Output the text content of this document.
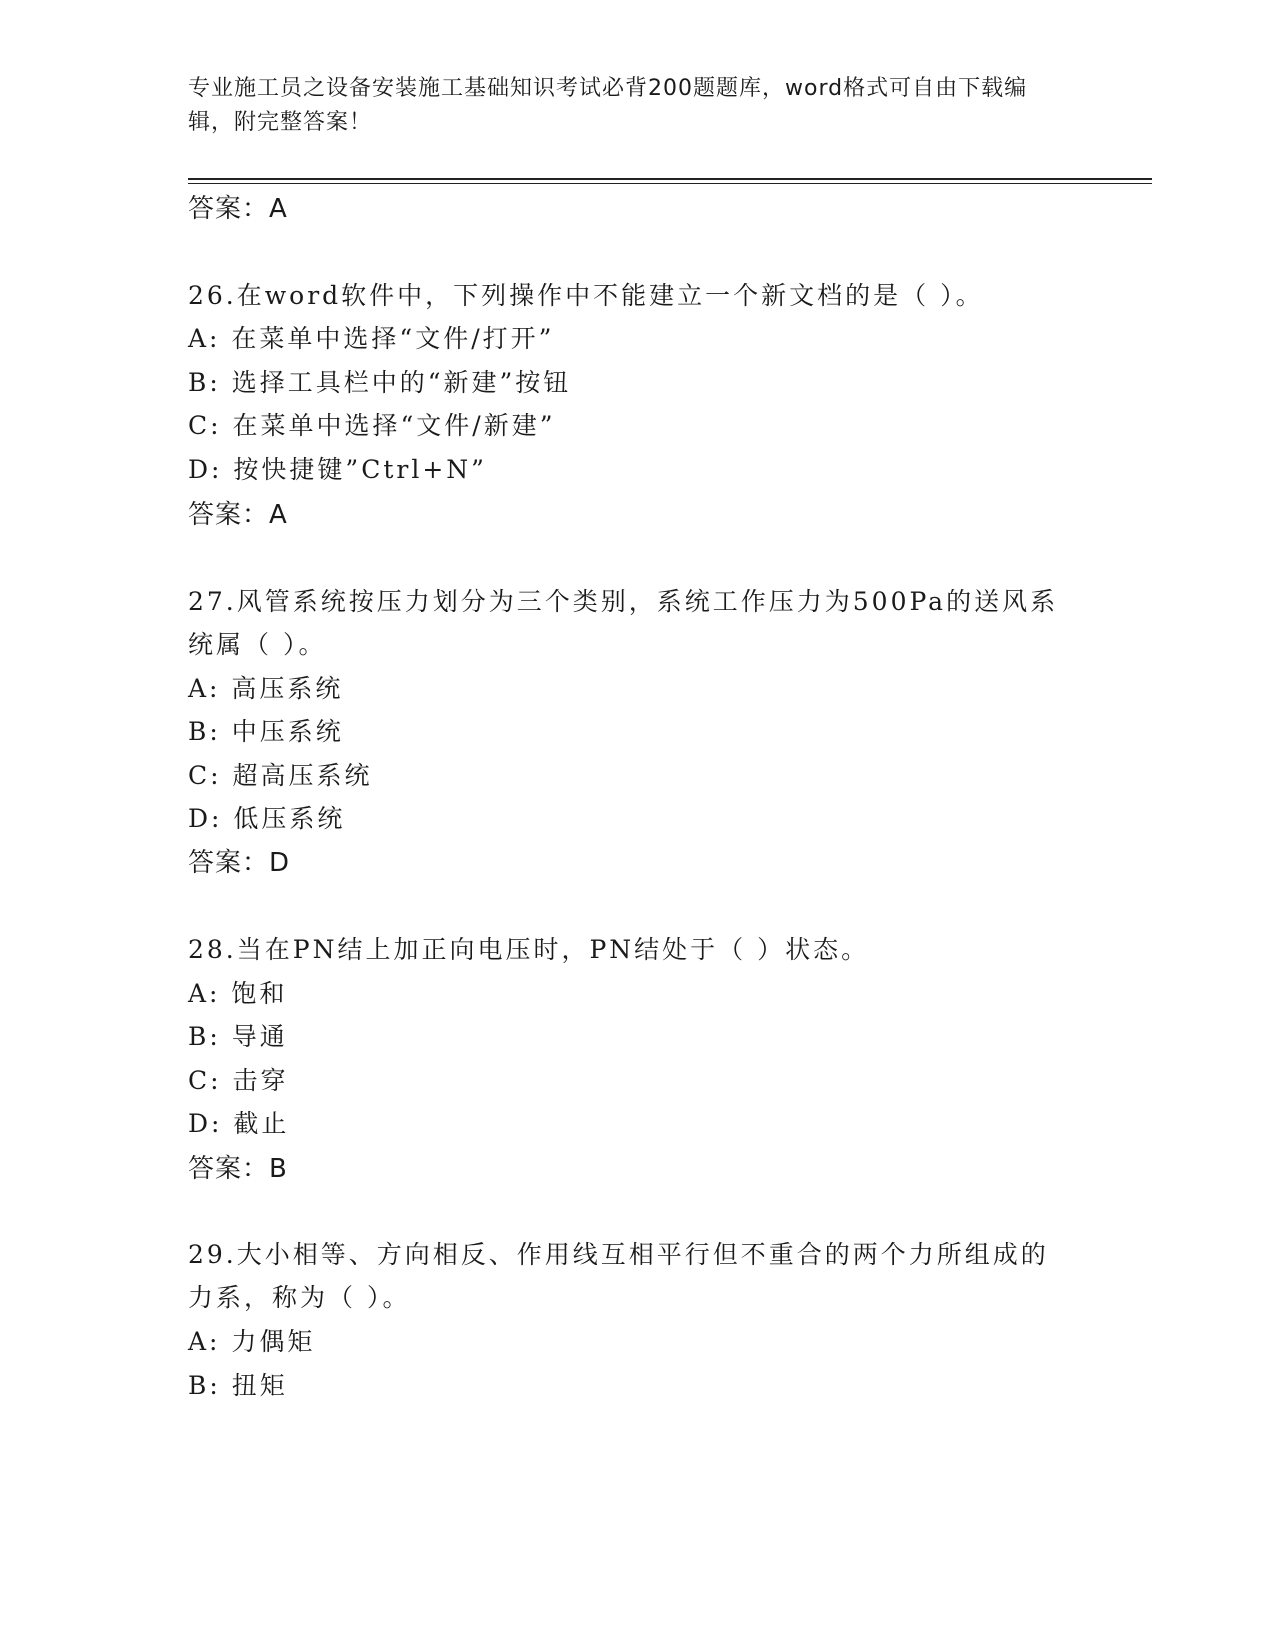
专业施工员之设备安装施工基础知识考试必背200题题库，word格式可自由下载编辑，附完整答案！
答案：A
26.在word软件中，下列操作中不能建立一个新文档的是（ ）。
A: 在菜单中选择“文件/打开”
B: 选择工具栏中的“新建”按钮
C: 在菜单中选择“文件/新建”
D: 按快捷键”Ctrl+N”
答案：A
27.风管系统按压力划分为三个类别，系统工作压力为500Pa的送风系
统属（ ）。
A: 高压系统
B: 中压系统
C: 超高压系统
D: 低压系统
答案：D
28.当在PN结上加正向电压时，PN结处于（ ）状态。
A: 饱和
B: 导通
C: 击穿
D: 截止
答案：B
29.大小相等、方向相反、作用线互相平行但不重合的两个力所组成的
力系，称为（ ）。
A: 力偶矩
B: 扭矩
